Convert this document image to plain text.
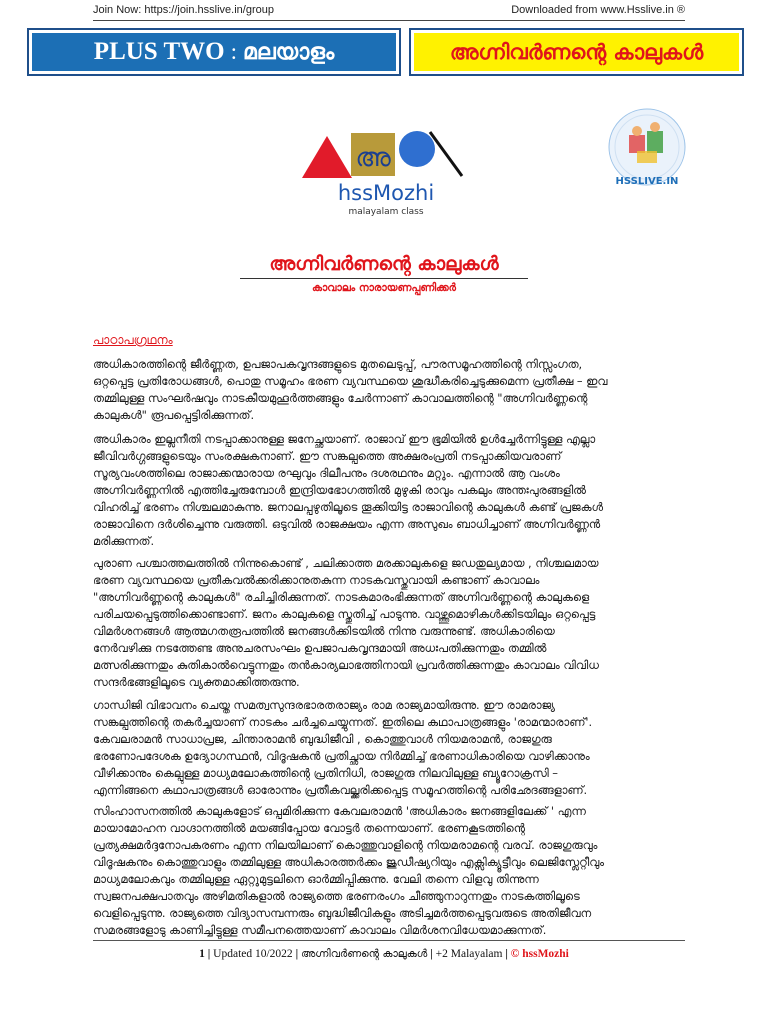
Join Now: https://join.hsslive.in/group	Downloaded from www.Hsslive.in ®
PLUS TWO : മലയാളം	അഗ്നിവർണന്റെ കാലുകൾ
അ
hssMozhi
malayalam class
HSSLIVE.IN
അഗ്നിവർണന്റെ കാലുകൾ
കാവാലം നാരായണപ്പണിക്കർ
പാഠാപഗ്രഥനം
അധികാരത്തിന്റെ ജീർണ്ണത, ഉപജാപകവൃന്ദങ്ങളുടെ മുതലെടുപ്പ്, പൗരസമൂഹത്തിന്റെ നിസ്സംഗത,
ഒറ്റപ്പെട്ട പ്രതിരോധങ്ങൾ, പൊതു സമൂഹം ഭരണ വ്യവസ്ഥയെ ശുദ്ധീകരിച്ചെടുക്കുമെന്ന പ്രതീക്ഷ – ഇവ
തമ്മിലുള്ള സംഘർഷവും നാടകീയമുഹൂർത്തങ്ങളും ചേർന്നാണ് കാവാലത്തിന്റെ "അഗ്നിവർണ്ണന്റെ
കാലുകൾ" രൂപപ്പെട്ടിരിക്കുന്നത്.
അധികാരം ഇല്ലനീതി നടപ്പാക്കാനുള്ള ജനേച്ഛയാണ്. രാജാവ് ഈ ഭൂമിയിൽ ഉൾച്ചേർന്നിട്ടുള്ള എല്ലാ
ജീവിവർഗ്ഗങ്ങളുടെയും സംരക്ഷകനാണ്. ഈ സങ്കല്പത്തെ അക്ഷരംപ്രതി നടപ്പാക്കിയവരാണ്
സൂര്യവംശത്തിലെ രാജാക്കന്മാരായ രഘുവും ദിലീപനും ദശരഥനും മറ്റും. എന്നാൽ ആ വംശം
അഗ്നിവർണ്ണനിൽ എത്തിച്ചേരുമ്പോൾ ഇന്ദ്രിയഭോഗത്തിൽ മുഴുകി രാവും പകലും അന്തഃപുരങ്ങളിൽ
വിഹരിച്ച് ഭരണം നിശ്ചലമാകുന്നു. ജനാലപ്പഴുതിലൂടെ തൂക്കിയിട്ട രാജാവിന്റെ കാലുകൾ കണ്ട് പ്രജകൾ
രാജാവിനെ ദർശിച്ചെന്നു വരുത്തി. ഒടുവിൽ രാജക്ഷയം എന്ന അസുഖം ബാധിച്ചാണ് അഗ്നിവർണ്ണൻ
മരിക്കുന്നത്.
പുരാണ പശ്ചാത്തലത്തിൽ നിന്നുകൊണ്ട് , ചലിക്കാത്ത മരക്കാലുകളെ ജഡതുല്യമായ , നിശ്ചലമായ
ഭരണ വ്യവസ്ഥയെ പ്രതീകവൽക്കരിക്കാനുതകുന്ന നാടകവസ്തുവായി കണ്ടാണ് കാവാലം
"അഗ്നിവർണ്ണന്റെ കാലുകൾ" രചിച്ചിരിക്കുന്നത്. നാടകമാരംഭിക്കുന്നത് അഗ്നിവർണ്ണന്റെ കാലുകളെ
പരിചയപ്പെടുത്തിക്കൊണ്ടാണ്. ജനം കാലുകളെ സ്തുതിച്ച് പാടുന്നു. വാഴ്ത്തുമൊഴികൾക്കിടയിലും ഒറ്റപ്പെട്ട
വിമർശനങ്ങൾ ആത്മഗതരൂപത്തിൽ ജനങ്ങൾക്കിടയിൽ നിന്നു വരുന്നുണ്ട്. അധികാരിയെ
നേർവഴിക്കു നടത്തേണ്ട അനുചരസംഘം ഉപജാപകവൃന്ദമായി അധഃപതിക്കുന്നതും തമ്മിൽ
മത്സരിക്കുന്നതും കുതികാൽവെട്ടുന്നതും തൻകാര്യലാഭത്തിനായി പ്രവർത്തിക്കുന്നതും കാവാലം വിവിധ
സന്ദർഭങ്ങളിലൂടെ വ്യക്തമാക്കിത്തരുന്നു.
ഗാന്ധിജി വിഭാവനം ചെയ്ത സമത്വസുന്ദരഭാരതരാജ്യം രാമ രാജ്യമായിരുന്നു. ഈ രാമരാജ്യ
സങ്കല്പത്തിന്റെ തകർച്ചയാണ് നാടകം ചർച്ചചെയ്യുന്നത്. ഇതിലെ കഥാപാത്രങ്ങളും 'രാമന്മാരാണ്'.
കേവലരാമൻ സാധാപ്രജ, ചിന്താരാമൻ ബുദ്ധിജീവി , കൊത്തുവാൾ നിയമരാമൻ, രാജഗുരു
ഭരണോപദേശക ഉദ്യോഗസ്ഥൻ, വിദൂഷകൻ പ്രതിച്ഛായ നിർമ്മിച്ച് ഭരണാധികാരിയെ വാഴിക്കാനും
വീഴിക്കാനും കെല്പുള്ള മാധ്യമലോകത്തിന്റെ പ്രതിനിധി, രാജഗുരു നിലവിലുള്ള ബ്യൂറോക്രസി –
എന്നിങ്ങനെ കഥാപാത്രങ്ങൾ ഓരോന്നും പ്രതീകവല്ക്കരിക്കപ്പെട്ട സമൂഹത്തിന്റെ പരിഛേദങ്ങളാണ്.
സിംഹാസനത്തിൽ കാലുകളോട് ഒപ്പമിരിക്കുന്ന കേവലരാമൻ 'അധികാരം ജനങ്ങളിലേക്ക് ' എന്ന
മായാമോഹന വാഗ്ദാനത്തിൽ മയങ്ങിപ്പോയ വോട്ടർ തന്നെയാണ്. ഭരണകൂടത്തിന്റെ
പ്രത്യക്ഷമർദ്ദനോപകരണം എന്ന നിലയിലാണ് കൊത്തുവാളിന്റെ നിയമരാമന്റെ വരവ്. രാജഗുരുവും
വിദൂഷകനും കൊത്തുവാളും തമ്മിലുള്ള അധികാരത്തർക്കം ജുഡീഷ്യറിയും എക്സിക്യൂട്ടീവും ലെജിസ്ലേറ്റീവും
മാധ്യമലോകവും തമ്മിലുള്ള ഏറ്റുമുട്ടലിനെ ഓർമ്മിപ്പിക്കുന്നു. വേലി തന്നെ വിളവു തിന്നുന്ന
സ്വജനപക്ഷപാതവും അഴിമതികളാൽ രാജ്യത്തെ ഭരണരംഗം ചീഞ്ഞുനാറുന്നതും നാടകത്തിലൂടെ
വെളിപ്പെടുന്നു. രാജ്യത്തെ വിദ്യാസമ്പന്നരും ബുദ്ധിജീവികളും അടിച്ചമർത്തപ്പെടുവരുടെ അതിജീവന
സമരങ്ങളോടു കാണിച്ചിട്ടുള്ള സമീപനത്തെയാണ് കാവാലം വിമർശനവിധേയമാക്കുന്നത്.
1 | Updated 10/2022 | അഗ്നിവർണന്റെ കാലുകൾ | +2 Malayalam | © hssMozhi
